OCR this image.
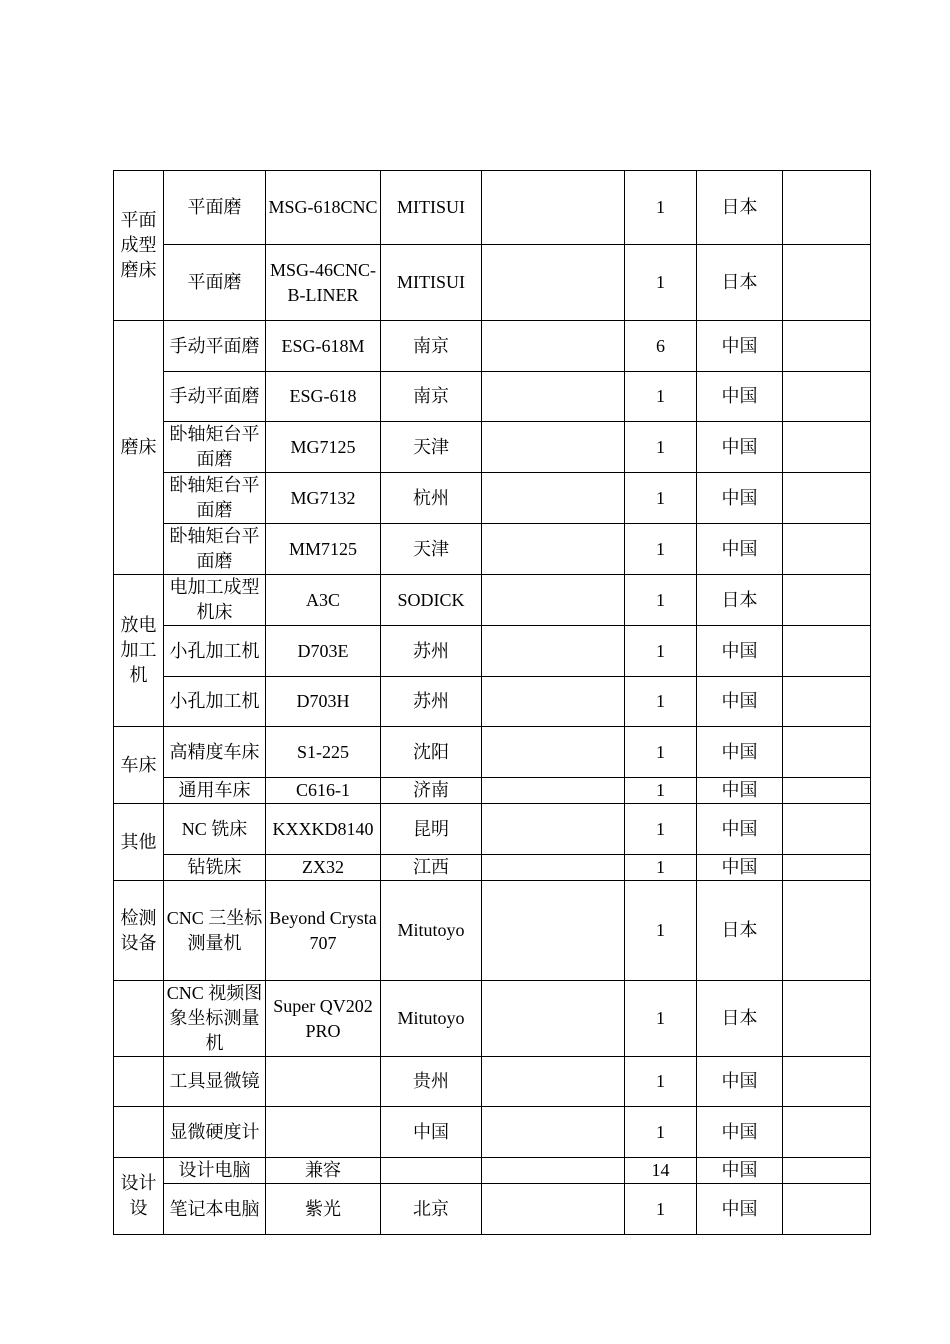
平面成型磨床	平面磨	MSG-618CNC	MITISUI		1	日本	
	平面磨	MSG-46CNC-B-LINER	MITISUI		1	日本	
磨床	手动平面磨	ESG-618M	南京		6	中国	
	手动平面磨	ESG-618	南京		1	中国	
	卧轴矩台平面磨	MG7125	天津		1	中国	
	卧轴矩台平面磨	MG7132	杭州		1	中国	
	卧轴矩台平面磨	MM7125	天津		1	中国	
放电加工机	电加工成型机床	A3C	SODICK		1	日本	
	小孔加工机	D703E	苏州		1	中国	
	小孔加工机	D703H	苏州		1	中国	
车床	高精度车床	S1-225	沈阳		1	中国	
	通用车床	C616-1	济南		1	中国	
其他	NC 铣床	KXXKD8140	昆明		1	中国	
	钻铣床	ZX32	江西		1	中国	
检测设备	CNC 三坐标测量机	Beyond Crysta 707	Mitutoyo		1	日本	
	CNC 视频图象坐标测量机	Super QV202 PRO	Mitutoyo		1	日本	
	工具显微镜		贵州		1	中国	
	显微硬度计		中国		1	中国	
设计设	设计电脑	兼容			14	中国	
	笔记本电脑	紫光	北京		1	中国	
